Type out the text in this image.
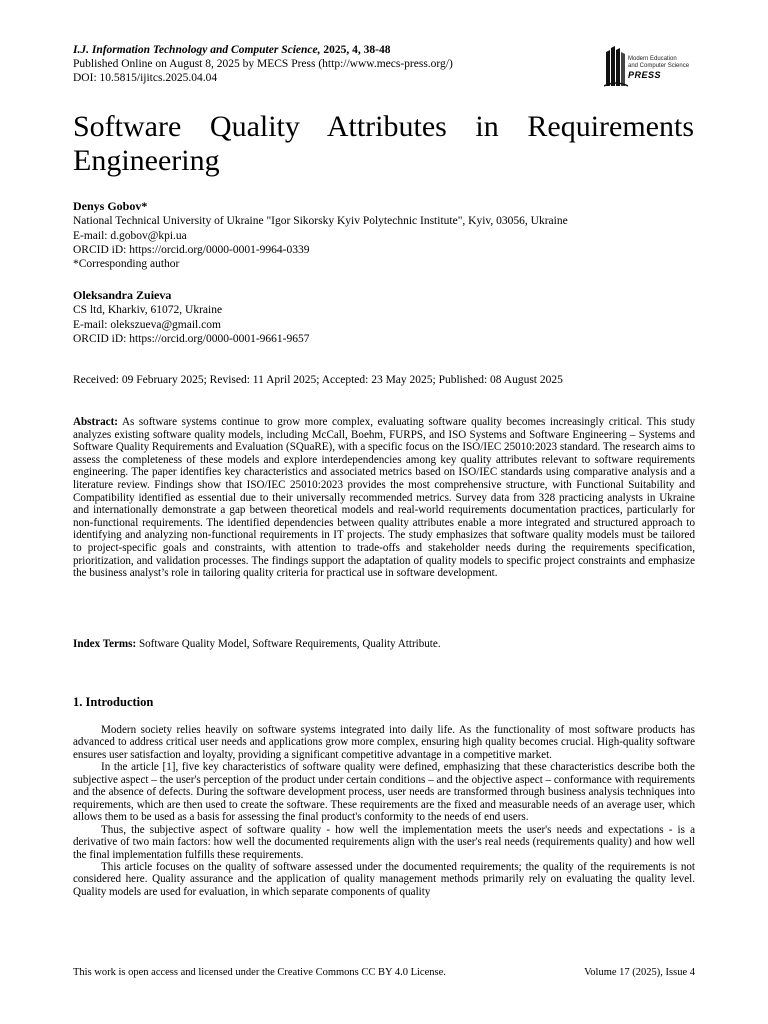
I.J. Information Technology and Computer Science, 2025, 4, 38-48
Published Online on August 8, 2025 by MECS Press (http://www.mecs-press.org/)
DOI: 10.5815/ijitcs.2025.04.04
Modern Education
and Computer Science
PRESS
Software Quality Attributes in Requirements Engineering
Denys Gobov*
National Technical University of Ukraine "Igor Sikorsky Kyiv Polytechnic Institute", Kyiv, 03056, Ukraine
E-mail: d.gobov@kpi.ua
ORCID iD: https://orcid.org/0000-0001-9964-0339
*Corresponding author
Oleksandra Zuieva
CS ltd, Kharkiv, 61072, Ukraine
E-mail: olekszueva@gmail.com
ORCID iD: https://orcid.org/0000-0001-9661-9657
Received: 09 February 2025; Revised: 11 April 2025; Accepted: 23 May 2025; Published: 08 August 2025
Abstract: As software systems continue to grow more complex, evaluating software quality becomes increasingly critical. This study analyzes existing software quality models, including McCall, Boehm, FURPS, and ISO Systems and Software Engineering – Systems and Software Quality Requirements and Evaluation (SQuaRE), with a specific focus on the ISO/IEC 25010:2023 standard. The research aims to assess the completeness of these models and explore interdependencies among key quality attributes relevant to software requirements engineering. The paper identifies key characteristics and associated metrics based on ISO/IEC standards using comparative analysis and a literature review. Findings show that ISO/IEC 25010:2023 provides the most comprehensive structure, with Functional Suitability and Compatibility identified as essential due to their universally recommended metrics. Survey data from 328 practicing analysts in Ukraine and internationally demonstrate a gap between theoretical models and real-world requirements documentation practices, particularly for non-functional requirements. The identified dependencies between quality attributes enable a more integrated and structured approach to identifying and analyzing non-functional requirements in IT projects. The study emphasizes that software quality models must be tailored to project-specific goals and constraints, with attention to trade-offs and stakeholder needs during the requirements specification, prioritization, and validation processes. The findings support the adaptation of quality models to specific project constraints and emphasize the business analyst’s role in tailoring quality criteria for practical use in software development.
Index Terms: Software Quality Model, Software Requirements, Quality Attribute.
1. Introduction

Modern society relies heavily on software systems integrated into daily life. As the functionality of most software products has advanced to address critical user needs and applications grow more complex, ensuring high quality becomes crucial. High-quality software ensures user satisfaction and loyalty, providing a significant competitive advantage in a competitive market.

In the article [1], five key characteristics of software quality were defined, emphasizing that these characteristics describe both the subjective aspect – the user's perception of the product under certain conditions – and the objective aspect – conformance with requirements and the absence of defects. During the software development process, user needs are transformed through business analysis techniques into requirements, which are then used to create the software. These requirements are the fixed and measurable needs of an average user, which allows them to be used as a basis for assessing the final product's conformity to the needs of end users.

Thus, the subjective aspect of software quality - how well the implementation meets the user's needs and expectations - is a derivative of two main factors: how well the documented requirements align with the user's real needs (requirements quality) and how well the final implementation fulfills these requirements.

This article focuses on the quality of software assessed under the documented requirements; the quality of the requirements is not considered here. Quality assurance and the application of quality management methods primarily rely on evaluating the quality level. Quality models are used for evaluation, in which separate components of quality

This work is open access and licensed under the Creative Commons CC BY 4.0 License.	Volume 17 (2025), Issue 4
